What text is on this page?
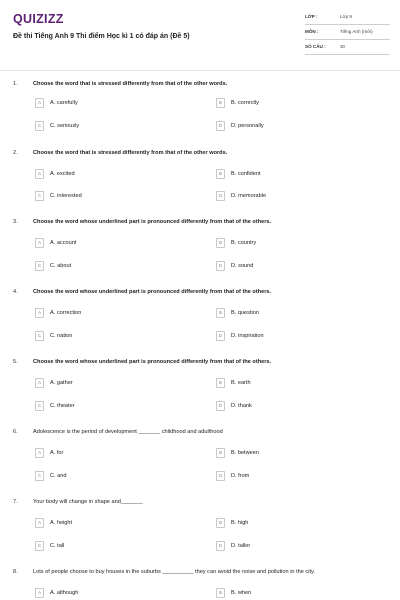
QUIZIZZ
Đề thi Tiếng Anh 9 Thi điểm Học kì 1 có đáp án (Đề 5)
LỚP :	Lớp 9
MÔN :	Tiếng Anh (mới)
SỐ CÂU :	30
1.	Choose the word that is stressed differently from that of the other words.
A	A. carefully	B	B. correctly
C	C. seriously	D	D. personally
2.	Choose the word that is stressed differently from that of the other words.
A	A. excited	B	B. confident
C	C. interested	D	D. memorable
3.	Choose the word whose underlined part is pronounced differently from that of the others.
A	A. account	B	B. country
C	C. about	D	D. sound
4.	Choose the word whose underlined part is pronounced differently from that of the others.
A	A. correction	B	B. question
C	C. nation	D	D. inspiration
5.	Choose the word whose underlined part is pronounced differently from that of the others.
A	A. gather	B	B. earth
C	C. theater	D	D. thank
6.	Adolescence is the period of development _______ childhood and adulthood
A	A. for	B	B. between
C	C. and	D	D. from
7.	Your body will change in shape and_______
A	A. height	B	B. high
C	C. tall	D	D. taller
8.	Lots of people choose to buy houses in the suburbs __________ they can avoid the noise and pollution in the city.
A	A. although	B	B. when
